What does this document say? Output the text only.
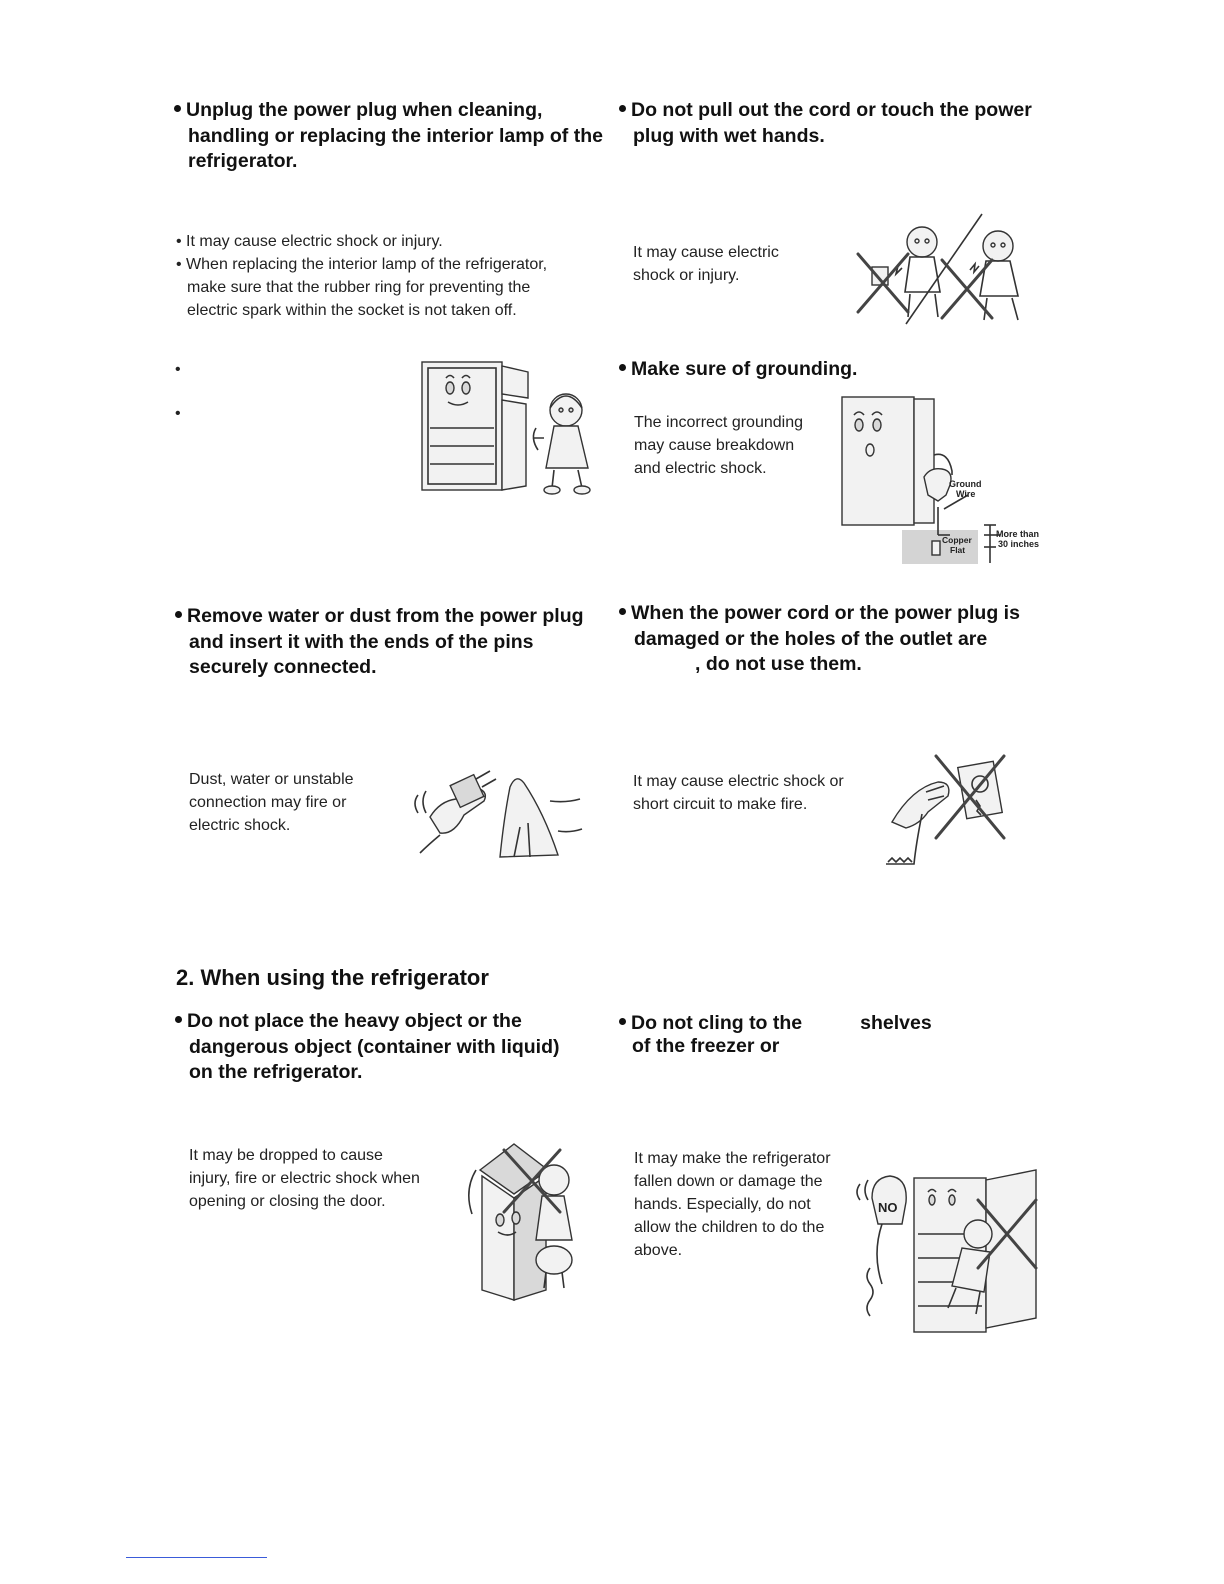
Unplug the power plug when cleaning,
handling or replacing the interior lamp of the
refrigerator.
• It may cause electric shock or injury.
• When replacing the interior lamp of the refrigerator,
make sure that the rubber ring for preventing the
electric spark within the socket is not taken off.
Do not pull out the cord or touch the power
plug with wet hands.
It may cause electric
shock or injury.
•
•
Make sure of grounding.
The incorrect grounding
may cause breakdown
and electric shock.
Ground
Wire
Copper
Flat
More than
30 inches
Remove water or dust from the power plug
and insert it with the ends of the pins
securely connected.
Dust, water or unstable
connection may fire or
electric shock.
When the power cord or the power plug is
damaged or the holes of the outlet are
, do not use them.
It may cause electric shock or
short circuit to make fire.
2. When using the refrigerator
Do not place the heavy object or the
dangerous object (container with liquid)
on the refrigerator.
It may be dropped to cause
injury, fire or electric shock when
opening or closing the door.
Do not cling to the	shelves
of the freezer or
It may make the refrigerator
fallen down or damage the
hands. Especially, do not
allow the children to do the
above.
NO
